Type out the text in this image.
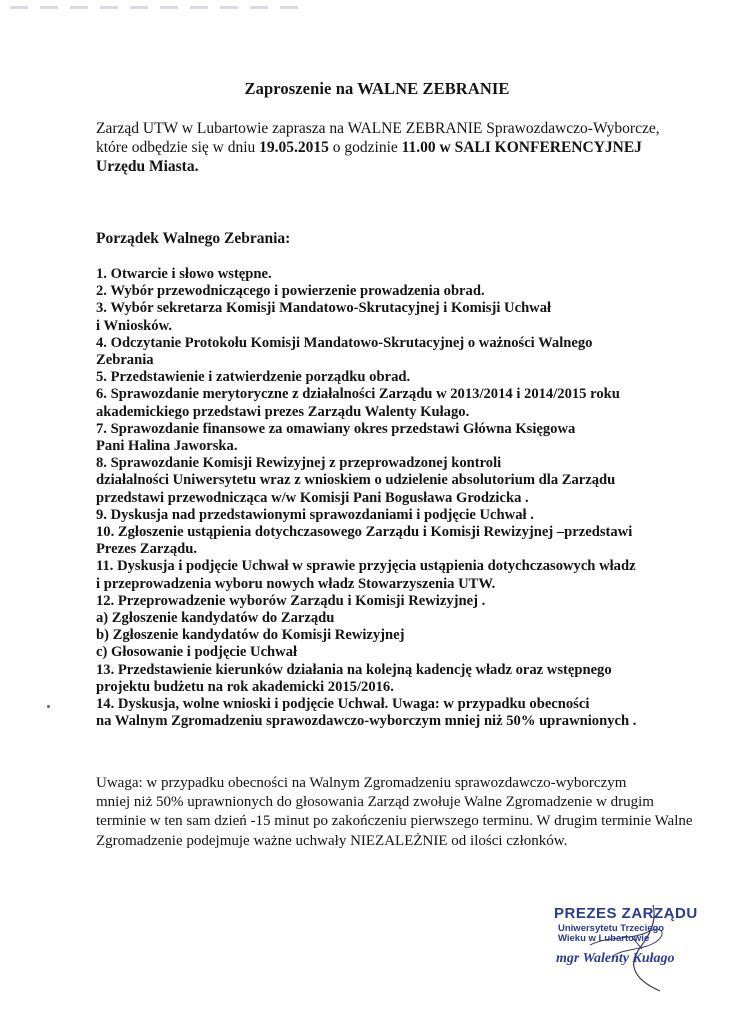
Zaproszenie na WALNE ZEBRANIE
Zarząd UTW w Lubartowie zaprasza na WALNE ZEBRANIE Sprawozdawczo-Wyborcze,
które odbędzie się w dniu 19.05.2015 o godzinie 11.00 w SALI KONFERENCYJNEJ
Urzędu Miasta.
Porządek Walnego Zebrania:
1. Otwarcie i słowo wstępne.
2. Wybór przewodniczącego i powierzenie prowadzenia obrad.
3. Wybór sekretarza Komisji Mandatowo-Skrutacyjnej i Komisji Uchwał
i Wniosków.
4. Odczytanie Protokołu Komisji Mandatowo-Skrutacyjnej o ważności Walnego
Zebrania
5. Przedstawienie i zatwierdzenie porządku obrad.
6. Sprawozdanie merytoryczne z działalności Zarządu w 2013/2014 i 2014/2015 roku
akademickiego przedstawi prezes Zarządu Walenty Kułago.
7. Sprawozdanie finansowe za omawiany okres przedstawi Główna Księgowa
Pani Halina Jaworska.
8. Sprawozdanie Komisji Rewizyjnej z przeprowadzonej kontroli
działalności Uniwersytetu wraz z wnioskiem o udzielenie absolutorium dla Zarządu
przedstawi przewodnicząca w/w Komisji Pani Bogusława Grodzicka .
9. Dyskusja nad przedstawionymi sprawozdaniami i podjęcie Uchwał .
10. Zgłoszenie ustąpienia dotychczasowego Zarządu i Komisji Rewizyjnej –przedstawi
Prezes Zarządu.
11. Dyskusja i podjęcie Uchwał w sprawie przyjęcia ustąpienia dotychczasowych władz
i przeprowadzenia wyboru nowych władz Stowarzyszenia UTW.
12. Przeprowadzenie wyborów Zarządu i Komisji Rewizyjnej .
a) Zgłoszenie kandydatów do Zarządu
b) Zgłoszenie kandydatów do Komisji Rewizyjnej
c) Głosowanie i podjęcie Uchwał
13. Przedstawienie kierunków działania na kolejną kadencję władz oraz wstępnego
projektu budżetu na rok akademicki 2015/2016.
14. Dyskusja, wolne wnioski i podjęcie Uchwał. Uwaga: w przypadku obecności
na Walnym Zgromadzeniu sprawozdawczo-wyborczym mniej niż 50% uprawnionych .
Uwaga: w przypadku obecności na Walnym Zgromadzeniu sprawozdawczo-wyborczym
mniej niż 50% uprawnionych do głosowania Zarząd zwołuje Walne Zgromadzenie w drugim
terminie w ten sam dzień -15 minut po zakończeniu pierwszego terminu. W drugim terminie Walne
Zgromadzenie podejmuje ważne uchwały NIEZALEŻNIE od ilości członków.
PREZES ZARZĄDU
Uniwersytetu Trzeciego Wieku w Lubartowie
mgr Walenty Kułago
